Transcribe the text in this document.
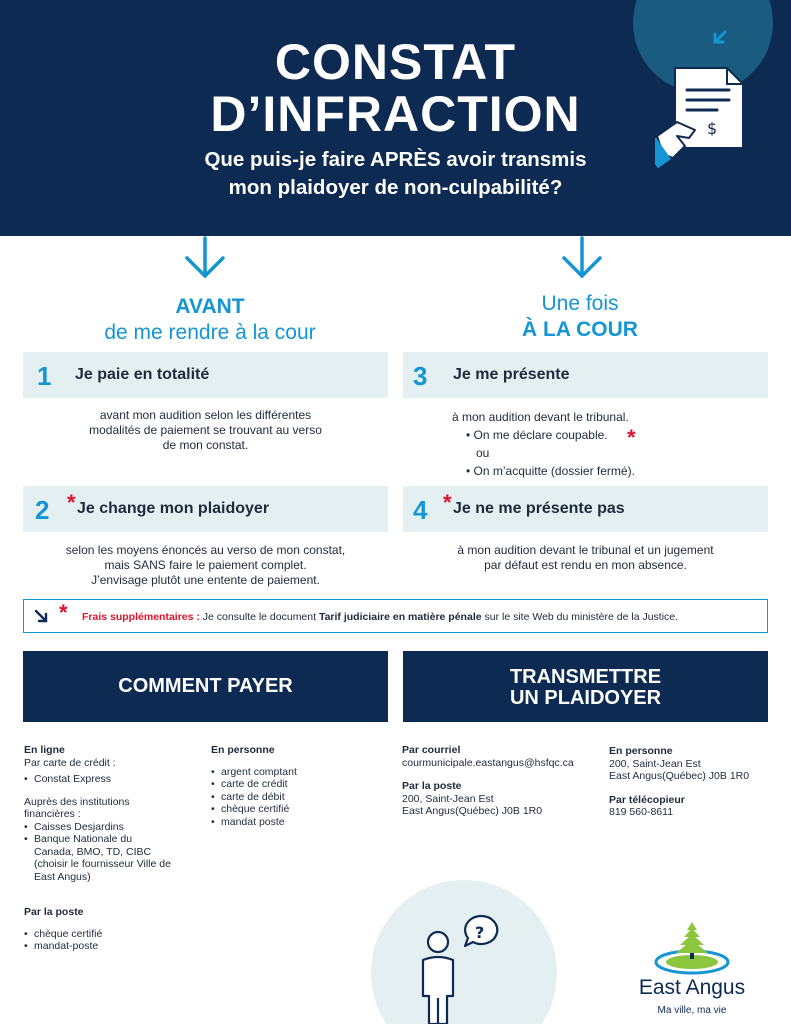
CONSTAT
D’INFRACTION
Que puis-je faire APRÈS avoir transmis
mon plaidoyer de non-culpabilité?
$
AVANT
de me rendre à la cour
Une fois
À LA COUR
1 Je paie en totalité
avant mon audition selon les différentes
modalités de paiement se trouvant au verso
de mon constat.
3 Je me présente
à mon audition devant le tribunal.
• On me déclare coupable. *
ou
• On m’acquitte (dossier fermé).
2 * Je change mon plaidoyer
selon les moyens énoncés au verso de mon constat,
mais SANS faire le paiement complet.
J’envisage plutôt une entente de paiement.
4 * Je ne me présente pas
à mon audition devant le tribunal et un jugement
par défaut est rendu en mon absence.
* Frais supplémentaires : Je consulte le document Tarif judiciaire en matière pénale sur le site Web du ministère de la Justice.
COMMENT PAYER	TRANSMETTRE
UN PLAIDOYER
En ligne
Par carte de crédit :
• Constat Express
Auprès des institutions
financières :
• Caisses Desjardins
• Banque Nationale du
Canada, BMO, TD, CIBC
(choisir le fournisseur Ville de
East Angus)
Par la poste
• chèque certifié
• mandat-poste
En personne
• argent comptant
• carte de crédit
• carte de débit
• chèque certifié
• mandat poste
Par courriel
courmunicipale.eastangus@hsfqc.ca
Par la poste
200, Saint-Jean Est
East Angus(Québec) J0B 1R0
En personne
200, Saint-Jean Est
East Angus(Québec) J0B 1R0
Par télécopieur
819 560-8611
?
East Angus
Ma ville, ma vie
